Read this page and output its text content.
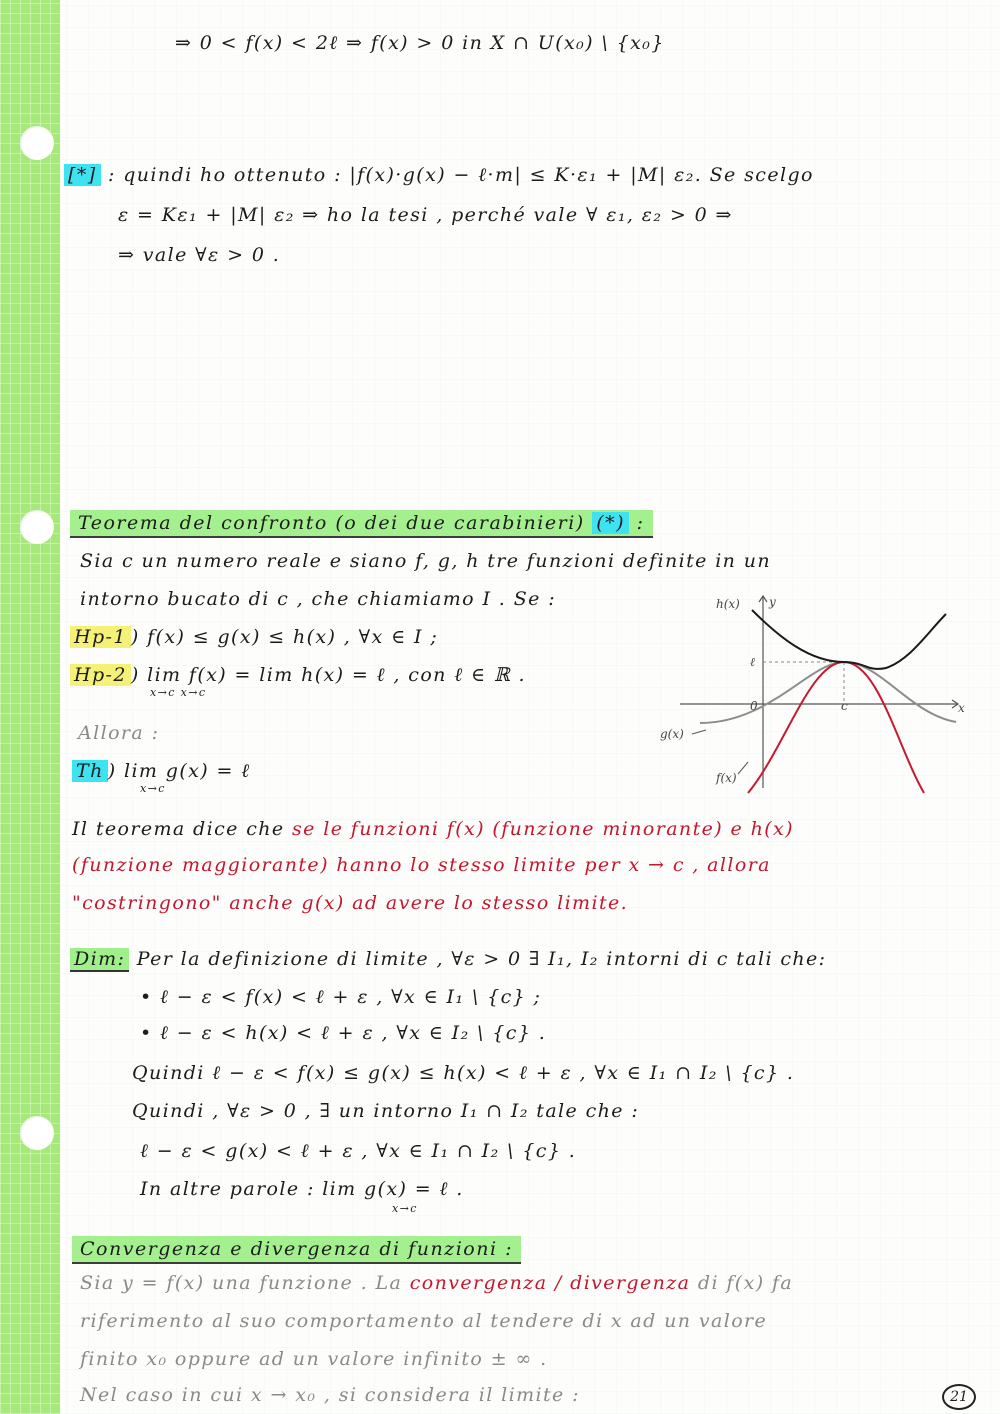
⇒ 0 < f(x) < 2ℓ ⇒ f(x) > 0 in X ∩ U(x₀) \ {x₀}
[*] : quindi ho ottenuto : |f(x)·g(x) − ℓ·m| ≤ K·ε₁ + |M| ε₂. Se scelgo
ε = Kε₁ + |M| ε₂ ⇒ ho la tesi , perché vale ∀ ε₁, ε₂ > 0 ⇒
⇒ vale ∀ε > 0 .
Teorema del confronto (o dei due carabinieri) (*) :
Sia c un numero reale e siano f, g, h tre funzioni definite in un
intorno bucato di c , che chiamiamo I . Se :
Hp-1 ) f(x) ≤ g(x) ≤ h(x) , ∀x ∈ I ;
Hp-2 ) lim f(x) = lim h(x) = ℓ , con ℓ ∈ ℝ .
x→c x→c
Allora :
Th ) lim g(x) = ℓ
x→c
h(x) y
ℓ
0	c	x
g(x)
f(x)
Il teorema dice che se le funzioni f(x) (funzione minorante) e h(x)
(funzione maggiorante) hanno lo stesso limite per x → c , allora
"costringono" anche g(x) ad avere lo stesso limite.
Dim: Per la definizione di limite , ∀ε > 0 ∃ I₁, I₂ intorni di c tali che:
• ℓ − ε < f(x) < ℓ + ε , ∀x ∈ I₁ \ {c} ;
• ℓ − ε < h(x) < ℓ + ε , ∀x ∈ I₂ \ {c} .
Quindi ℓ − ε < f(x) ≤ g(x) ≤ h(x) < ℓ + ε , ∀x ∈ I₁ ∩ I₂ \ {c} .
Quindi , ∀ε > 0 , ∃ un intorno I₁ ∩ I₂ tale che :
ℓ − ε < g(x) < ℓ + ε , ∀x ∈ I₁ ∩ I₂ \ {c} .
In altre parole : lim g(x) = ℓ .
x→c
Convergenza e divergenza di funzioni :
Sia y = f(x) una funzione . La convergenza / divergenza di f(x) fa
riferimento al suo comportamento al tendere di x ad un valore
finito x₀ oppure ad un valore infinito ± ∞ .
Nel caso in cui x → x₀ , si considera il limite :	21
